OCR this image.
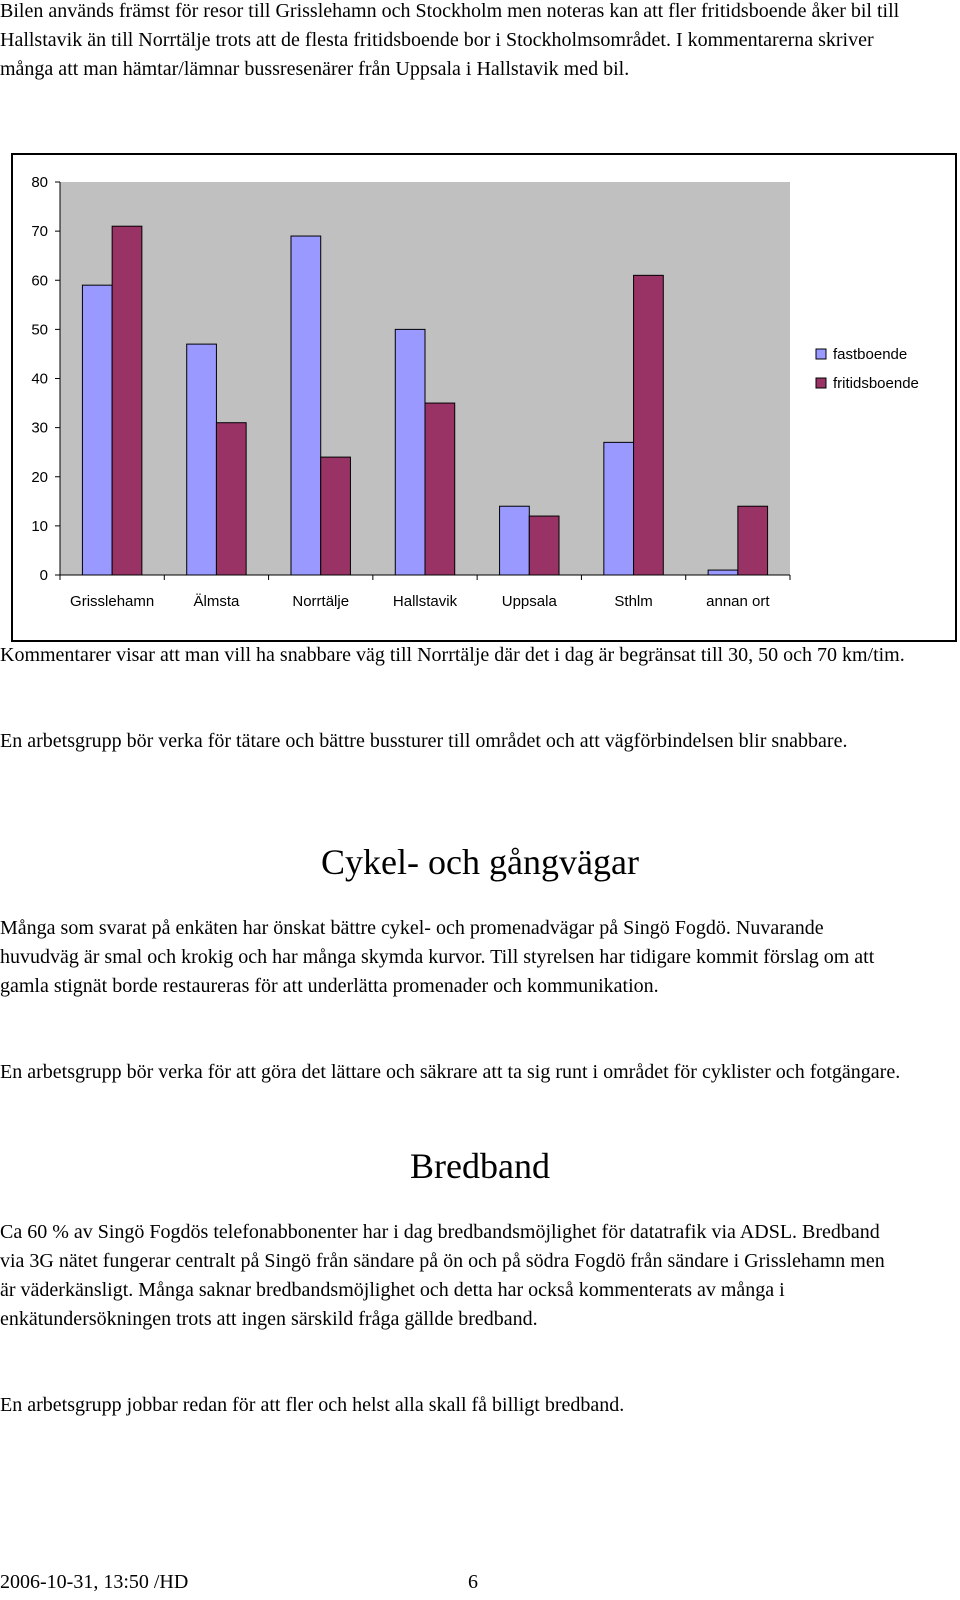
Bilen används främst för resor till Grisslehamn och Stockholm men noteras kan att fler fritidsboende åker bil till Hallstavik än till Norrtälje trots att de flesta fritidsboende bor i Stockholmsområdet. I kommentarerna skriver många att man hämtar/lämnar bussresenärer från Uppsala i Hallstavik med bil.

0
10
20
30
40
50
60
70
80
Grisslehamn	Älmsta	Norrtälje	Hallstavik	Uppsala	Sthlm	annan ort
fastboende
fritidsboende

Kommentarer visar att man vill ha snabbare väg till Norrtälje där det i dag är begränsat till 30, 50 och 70 km/tim.

En arbetsgrupp bör verka för tätare och bättre bussturer till området och att vägförbindelsen blir snabbare.

Cykel- och gångvägar

Många som svarat på enkäten har önskat bättre cykel- och promenadvägar på Singö Fogdö. Nuvarande huvudväg är smal och krokig och har många skymda kurvor. Till styrelsen har tidigare kommit förslag om att gamla stignät borde restaureras för att underlätta promenader och kommunikation.

En arbetsgrupp bör verka för att göra det lättare och säkrare att ta sig runt i området för cyklister och fotgängare.

Bredband

Ca 60 % av Singö Fogdös telefonabbonenter har i dag bredbandsmöjlighet för datatrafik via ADSL. Bredband via 3G nätet fungerar centralt på Singö från sändare på ön och på södra Fogdö från sändare i Grisslehamn men är väderkänsligt. Många saknar bredbandsmöjlighet och detta har också kommenterats av många i enkätundersökningen trots att ingen särskild fråga gällde bredband.

En arbetsgrupp jobbar redan för att fler och helst alla skall få billigt bredband.

2006-10-31, 13:50 /HD	6
